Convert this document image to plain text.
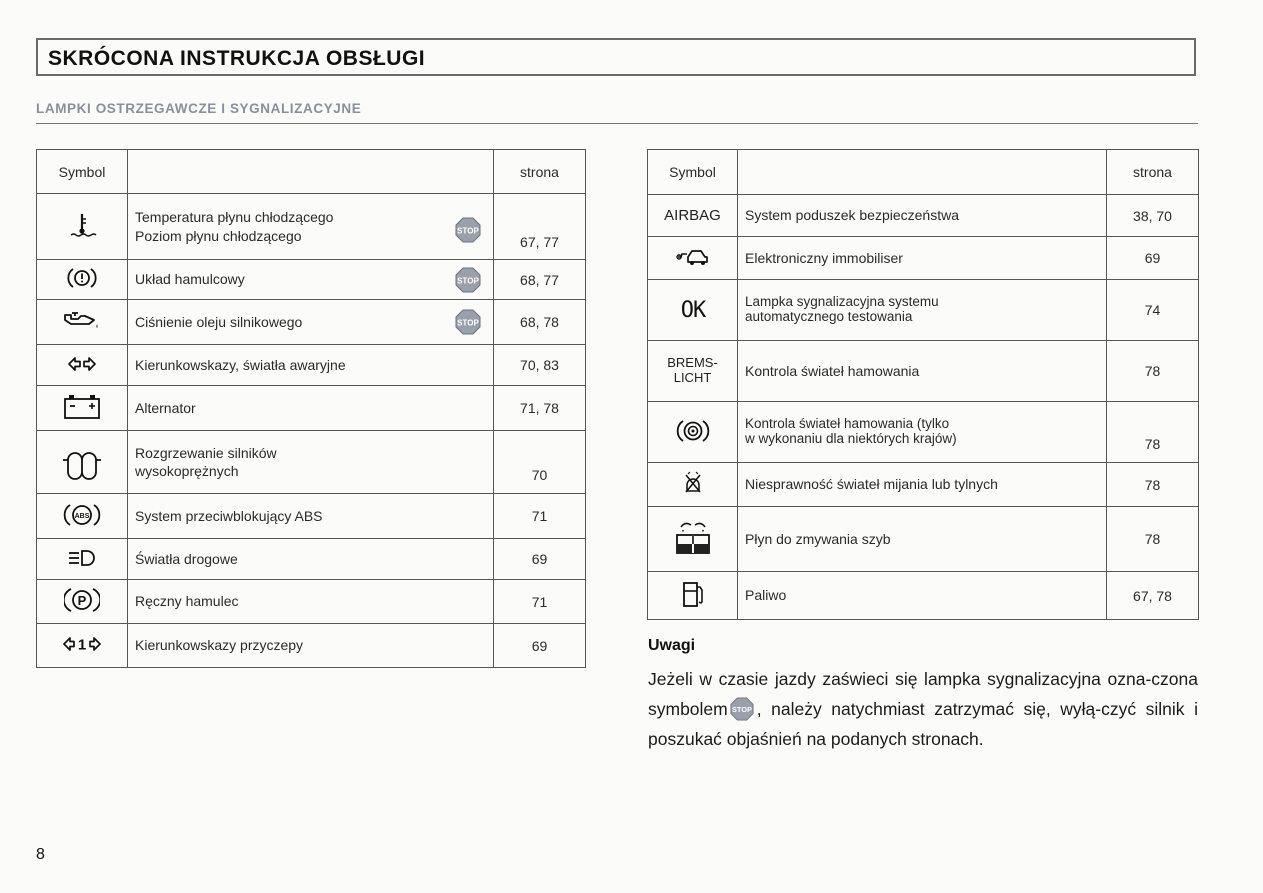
SKRÓCONA INSTRUKCJA OBSŁUGI
LAMPKI OSTRZEGAWCZE I SYGNALIZACYJNE
Symbol		strona

Temperatura płynu chłodzącego
Poziom płynu chłodzącego	67, 77

Układ hamulcowy	68, 77

Ciśnienie oleju silnikowego	68, 78

Kierunkowskazy, światła awaryjne	70, 83

Alternator	71, 78

Rozgrzewanie silników
wysokoprężnych	70

ABS	System przeciwblokujący ABS	71

Światła drogowe	69

P	Ręczny hamulec	71

1	Kierunkowskazy przyczepy	69
Symbol		strona
AIRBAG	System poduszek bezpieczeństwa	38, 70

Elektroniczny immobiliser	69

OK	Lampka sygnalizacyjna systemu
automatycznego testowania	74

BREMS-
LICHT	Kontrola świateł hamowania	78

Kontrola świateł hamowania (tylko
w wykonaniu dla niektórych krajów)	78

Niesprawność świateł mijania lub tylnych	78

Płyn do zmywania szyb	78

Paliwo	67, 78
Uwagi
Jeżeli w czasie jazdy zaświeci się lampka sygnalizacyjna ozna-czona symbolem , należy natychmiast zatrzymać się, wyłą-czyć silnik i poszukać objaśnień na podanych stronach.
8
